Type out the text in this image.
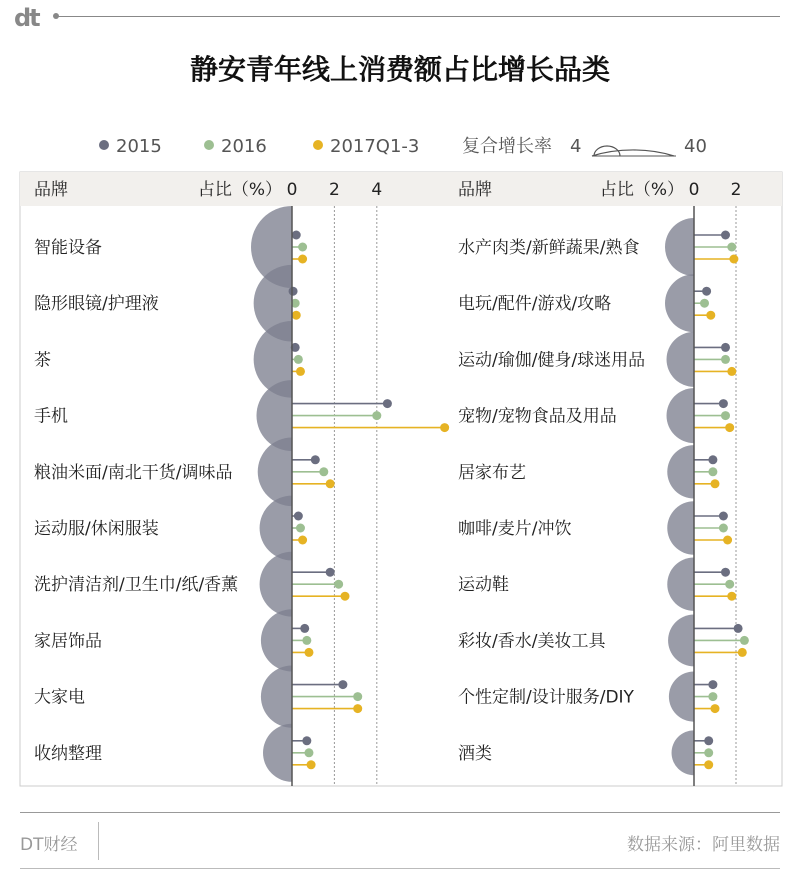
dt
静安青年线上消费额占比增长品类
2015	2016	2017Q1-3 复合增长率 4	40
品牌	占比（%） 0 2 4	品牌	占比（%） 0 2
智能设备
隐形眼镜/护理液
茶
手机
粮油米面/南北干货/调味品
运动服/休闲服装
洗护清洁剂/卫生巾/纸/香薰
家居饰品
大家电
收纳整理
水产肉类/新鲜蔬果/熟食
电玩/配件/游戏/攻略
运动/瑜伽/健身/球迷用品
宠物/宠物食品及用品
居家布艺
咖啡/麦片/冲饮
运动鞋
彩妆/香水/美妆工具
个性定制/设计服务/DIY
酒类
DT财经	数据来源：阿里数据
